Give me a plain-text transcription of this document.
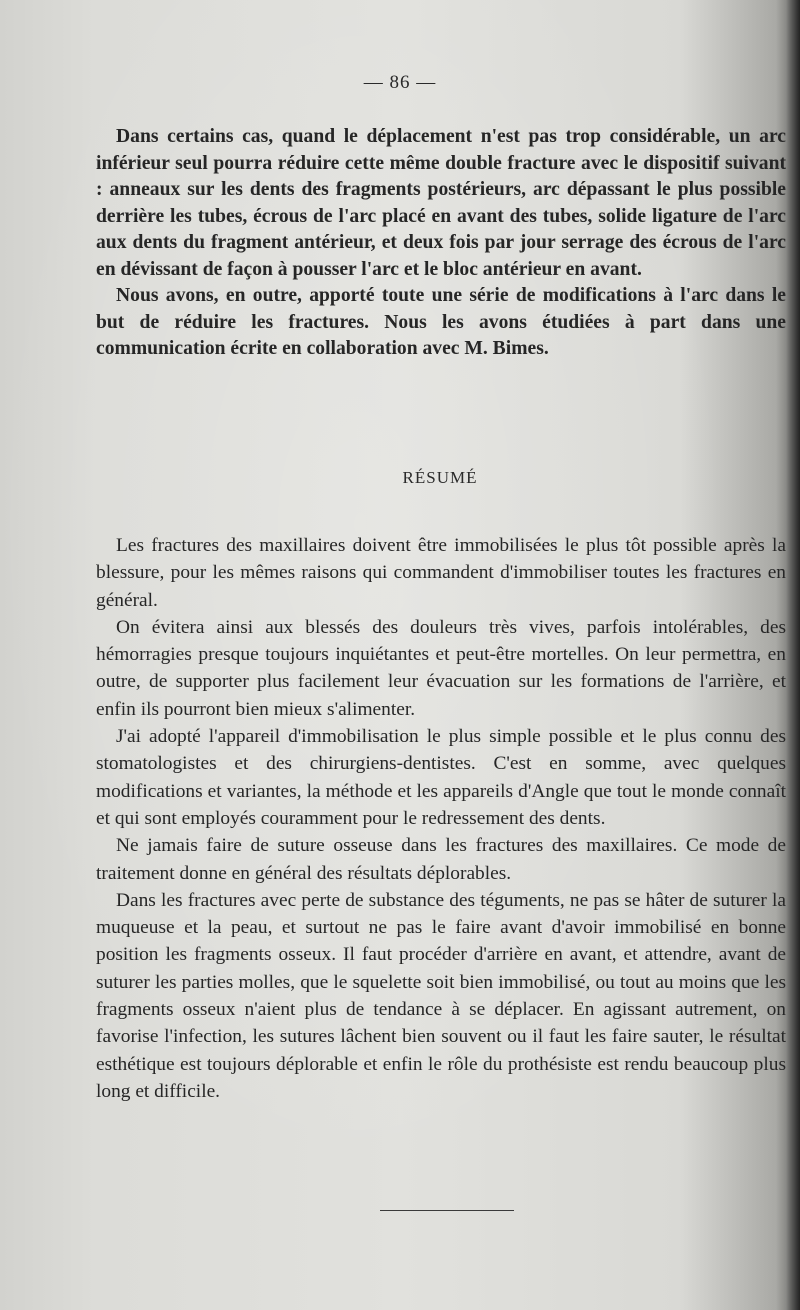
— 86 —

Dans certains cas, quand le déplacement n'est pas trop considérable, un arc inférieur seul pourra réduire cette même double fracture avec le dispositif suivant : anneaux sur les dents des fragments postérieurs, arc dépassant le plus possible derrière les tubes, écrous de l'arc placé en avant des tubes, solide ligature de l'arc aux dents du fragment antérieur, et deux fois par jour serrage des écrous de l'arc en dévissant de façon à pousser l'arc et le bloc antérieur en avant.

Nous avons, en outre, apporté toute une série de modifications à l'arc dans le but de réduire les fractures. Nous les avons étudiées à part dans une communication écrite en collaboration avec M. Bimes.

RÉSUMÉ

Les fractures des maxillaires doivent être immobilisées le plus tôt possible après la blessure, pour les mêmes raisons qui commandent d'immobiliser toutes les fractures en général.

On évitera ainsi aux blessés des douleurs très vives, parfois intolérables, des hémorragies presque toujours inquiétantes et peut-être mortelles. On leur permettra, en outre, de supporter plus facilement leur évacuation sur les formations de l'arrière, et enfin ils pourront bien mieux s'alimenter.

J'ai adopté l'appareil d'immobilisation le plus simple possible et le plus connu des stomatologistes et des chirurgiens-dentistes. C'est en somme, avec quelques modifications et variantes, la méthode et les appareils d'Angle que tout le monde connaît et qui sont employés couramment pour le redressement des dents.

Ne jamais faire de suture osseuse dans les fractures des maxillaires. Ce mode de traitement donne en général des résultats déplorables.

Dans les fractures avec perte de substance des téguments, ne pas se hâter de suturer la muqueuse et la peau, et surtout ne pas le faire avant d'avoir immobilisé en bonne position les fragments osseux. Il faut procéder d'arrière en avant, et attendre, avant de suturer les parties molles, que le squelette soit bien immobilisé, ou tout au moins que les fragments osseux n'aient plus de tendance à se déplacer. En agissant autrement, on favorise l'infection, les sutures lâchent bien souvent ou il faut les faire sauter, le résultat esthétique est toujours déplorable et enfin le rôle du prothésiste est rendu beaucoup plus long et difficile.
